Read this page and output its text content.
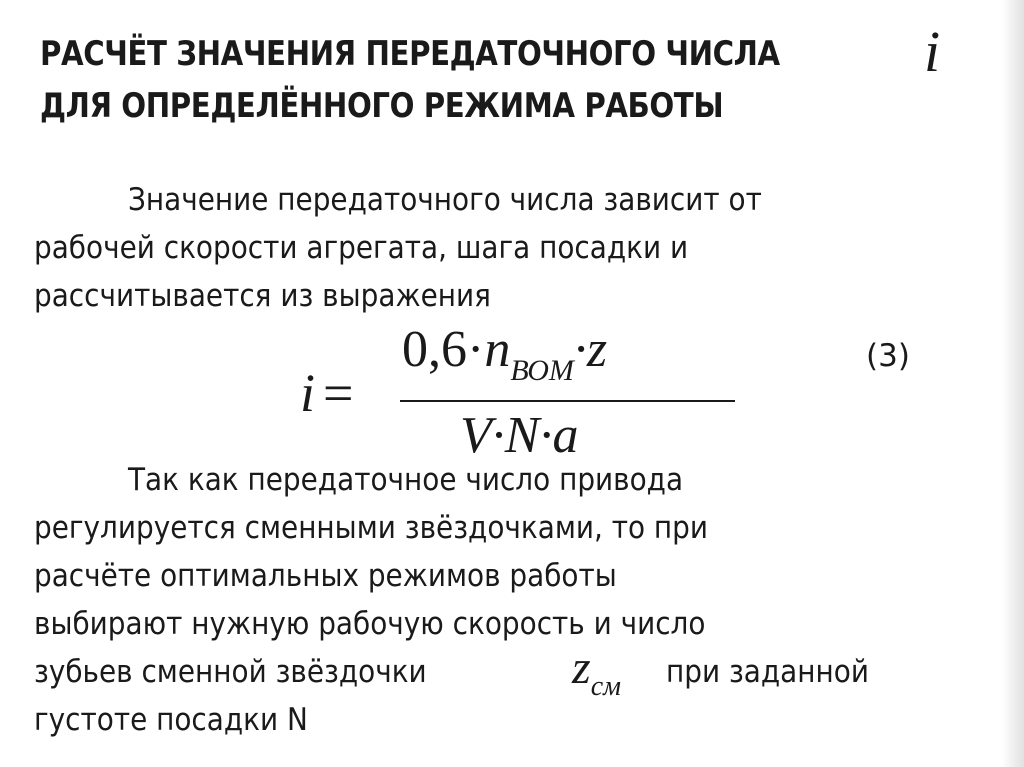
РАСЧЁТ ЗНАЧЕНИЯ ПЕРЕДАТОЧНОГО ЧИСЛА i
ДЛЯ ОПРЕДЕЛЁННОГО РЕЖИМА РАБОТЫ
Значение передаточного числа зависит от
рабочей скорости агрегата, шага посадки и
рассчитывается из выражения
i =
$0,6\cdot n_{ВОМ}\cdot z$
V·N·a
(3)
Так как передаточное число привода
регулируется сменными звёздочками, то при
расчёте оптимальных режимов работы
выбирают нужную рабочую скорость и число
зубьев сменной звёздочки	$z_{см}$ при заданной
густоте посадки N
